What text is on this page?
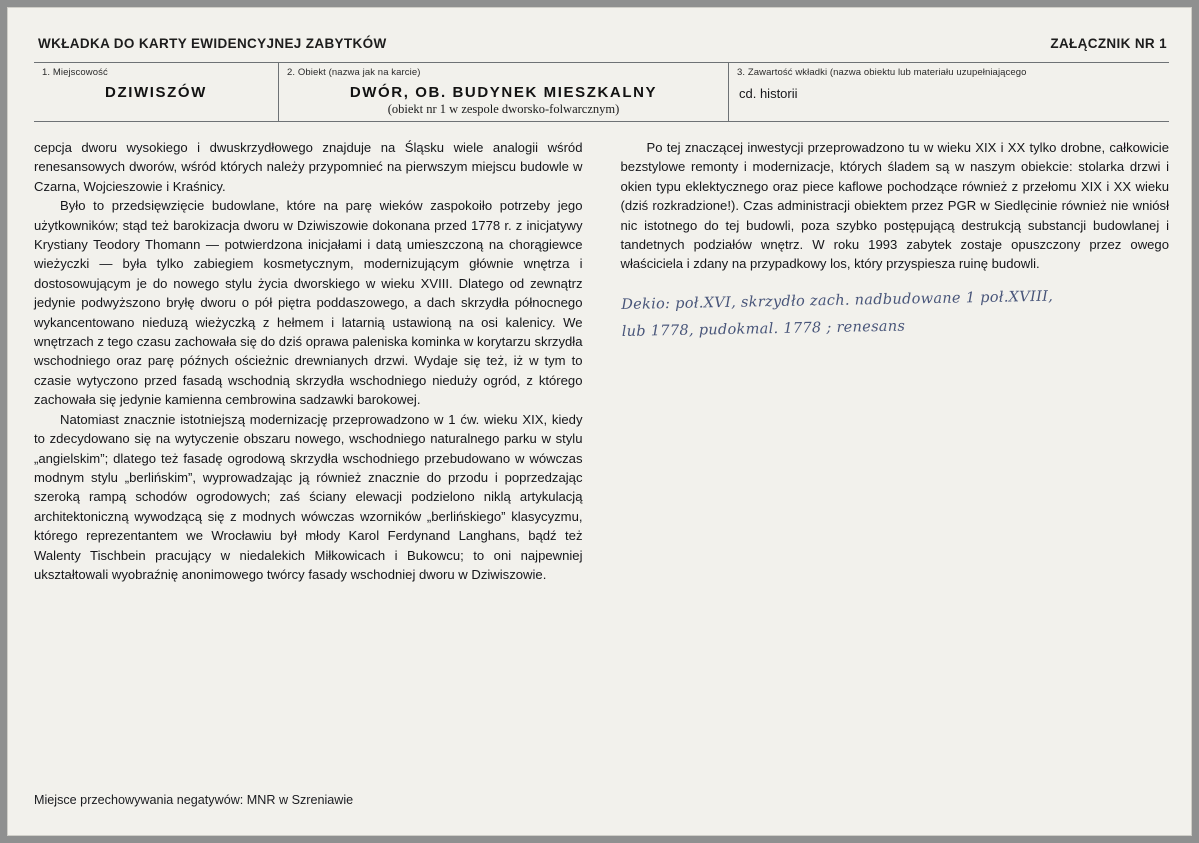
WKŁADKA DO KARTY EWIDENCYJNEJ ZABYTKÓW	ZAŁĄCZNIK NR 1
1. Miejscowość
DZIWISZÓW
2. Obiekt (nazwa jak na karcie)
DWÓR, OB. BUDYNEK MIESZKALNY
(obiekt nr 1 w zespole dworsko-folwarcznym)
3. Zawartość wkładki (nazwa obiektu lub materiału uzupełniającego
cd. historii

cepcja dworu wysokiego i dwuskrzydłowego znajduje na Śląsku wiele analogii wśród renesansowych dworów, wśród których należy przypomnieć na pierwszym miejscu budowle w Czarna, Wojcieszowie i Kraśnicy.

Było to przedsięwzięcie budowlane, które na parę wieków zaspokoiło potrzeby jego użytkowników; stąd też barokizacja dworu w Dziwiszowie dokonana przed 1778 r. z inicjatywy Krystiany Teodory Thomann — potwierdzona inicjałami i datą umieszczoną na chorągiewce wieżyczki — była tylko zabiegiem kosmetycznym, modernizującym głównie wnętrza i dostosowującym je do nowego stylu życia dworskiego w wieku XVIII. Dlatego od zewnątrz jedynie podwyższono bryłę dworu o pół piętra poddaszowego, a dach skrzydła północnego wykancentowano nieduzą wieżyczką z hełmem i latarnią ustawioną na osi kalenicy. We wnętrzach z tego czasu zachowała się do dziś oprawa paleniska kominka w korytarzu skrzydła wschodniego oraz parę późnych ościeżnic drewnianych drzwi. Wydaje się też, iż w tym to czasie wytyczono przed fasadą wschodnią skrzydła wschodniego nieduży ogród, z którego zachowała się jedynie kamienna cembrowina sadzawki barokowej.

Natomiast znacznie istotniejszą modernizację przeprowadzono w 1 ćw. wieku XIX, kiedy to zdecydowano się na wytyczenie obszaru nowego, wschodniego naturalnego parku w stylu „angielskim”; dlatego też fasadę ogrodową skrzydła wschodniego przebudowano w wówczas modnym stylu „berlińskim”, wyprowadzając ją również znacznie do przodu i poprzedzając szeroką rampą schodów ogrodowych; zaś ściany elewacji podzielono niklą artykulacją architektoniczną wywodzącą się z modnych wówczas wzorników „berlińskiego” klasycyzmu, którego reprezentantem we Wrocławiu był młody Karol Ferdynand Langhans, bądź też Walenty Tischbein pracujący w niedalekich Miłkowicach i Bukowcu; to oni najpewniej ukształtowali wyobraźnię anonimowego twórcy fasady wschodniej dworu w Dziwiszowie.

Po tej znaczącej inwestycji przeprowadzono tu w wieku XIX i XX tylko drobne, całkowicie bezstylowe remonty i modernizacje, których śladem są w naszym obiekcie: stolarka drzwi i okien typu eklektycznego oraz piece kaflowe pochodzące również z przełomu XIX i XX wieku (dziś rozkradzione!). Czas administracji obiektem przez PGR w Siedlęcinie również nie wniósł nic istotnego do tej budowli, poza szybko postępującą destrukcją substancji budowlanej i tandetnych podziałów wnętrz. W roku 1993 zabytek zostaje opuszczony przez owego właściciela i zdany na przypadkowy los, który przyspiesza ruinę budowli.

Dekio: poł.XVI, skrzydło zach. nadbudowane 1 poł.XVIII,
lub 1778, pudokmal. 1778 ; renesans
Miejsce przechowywania negatywów: MNR w Szreniawie
